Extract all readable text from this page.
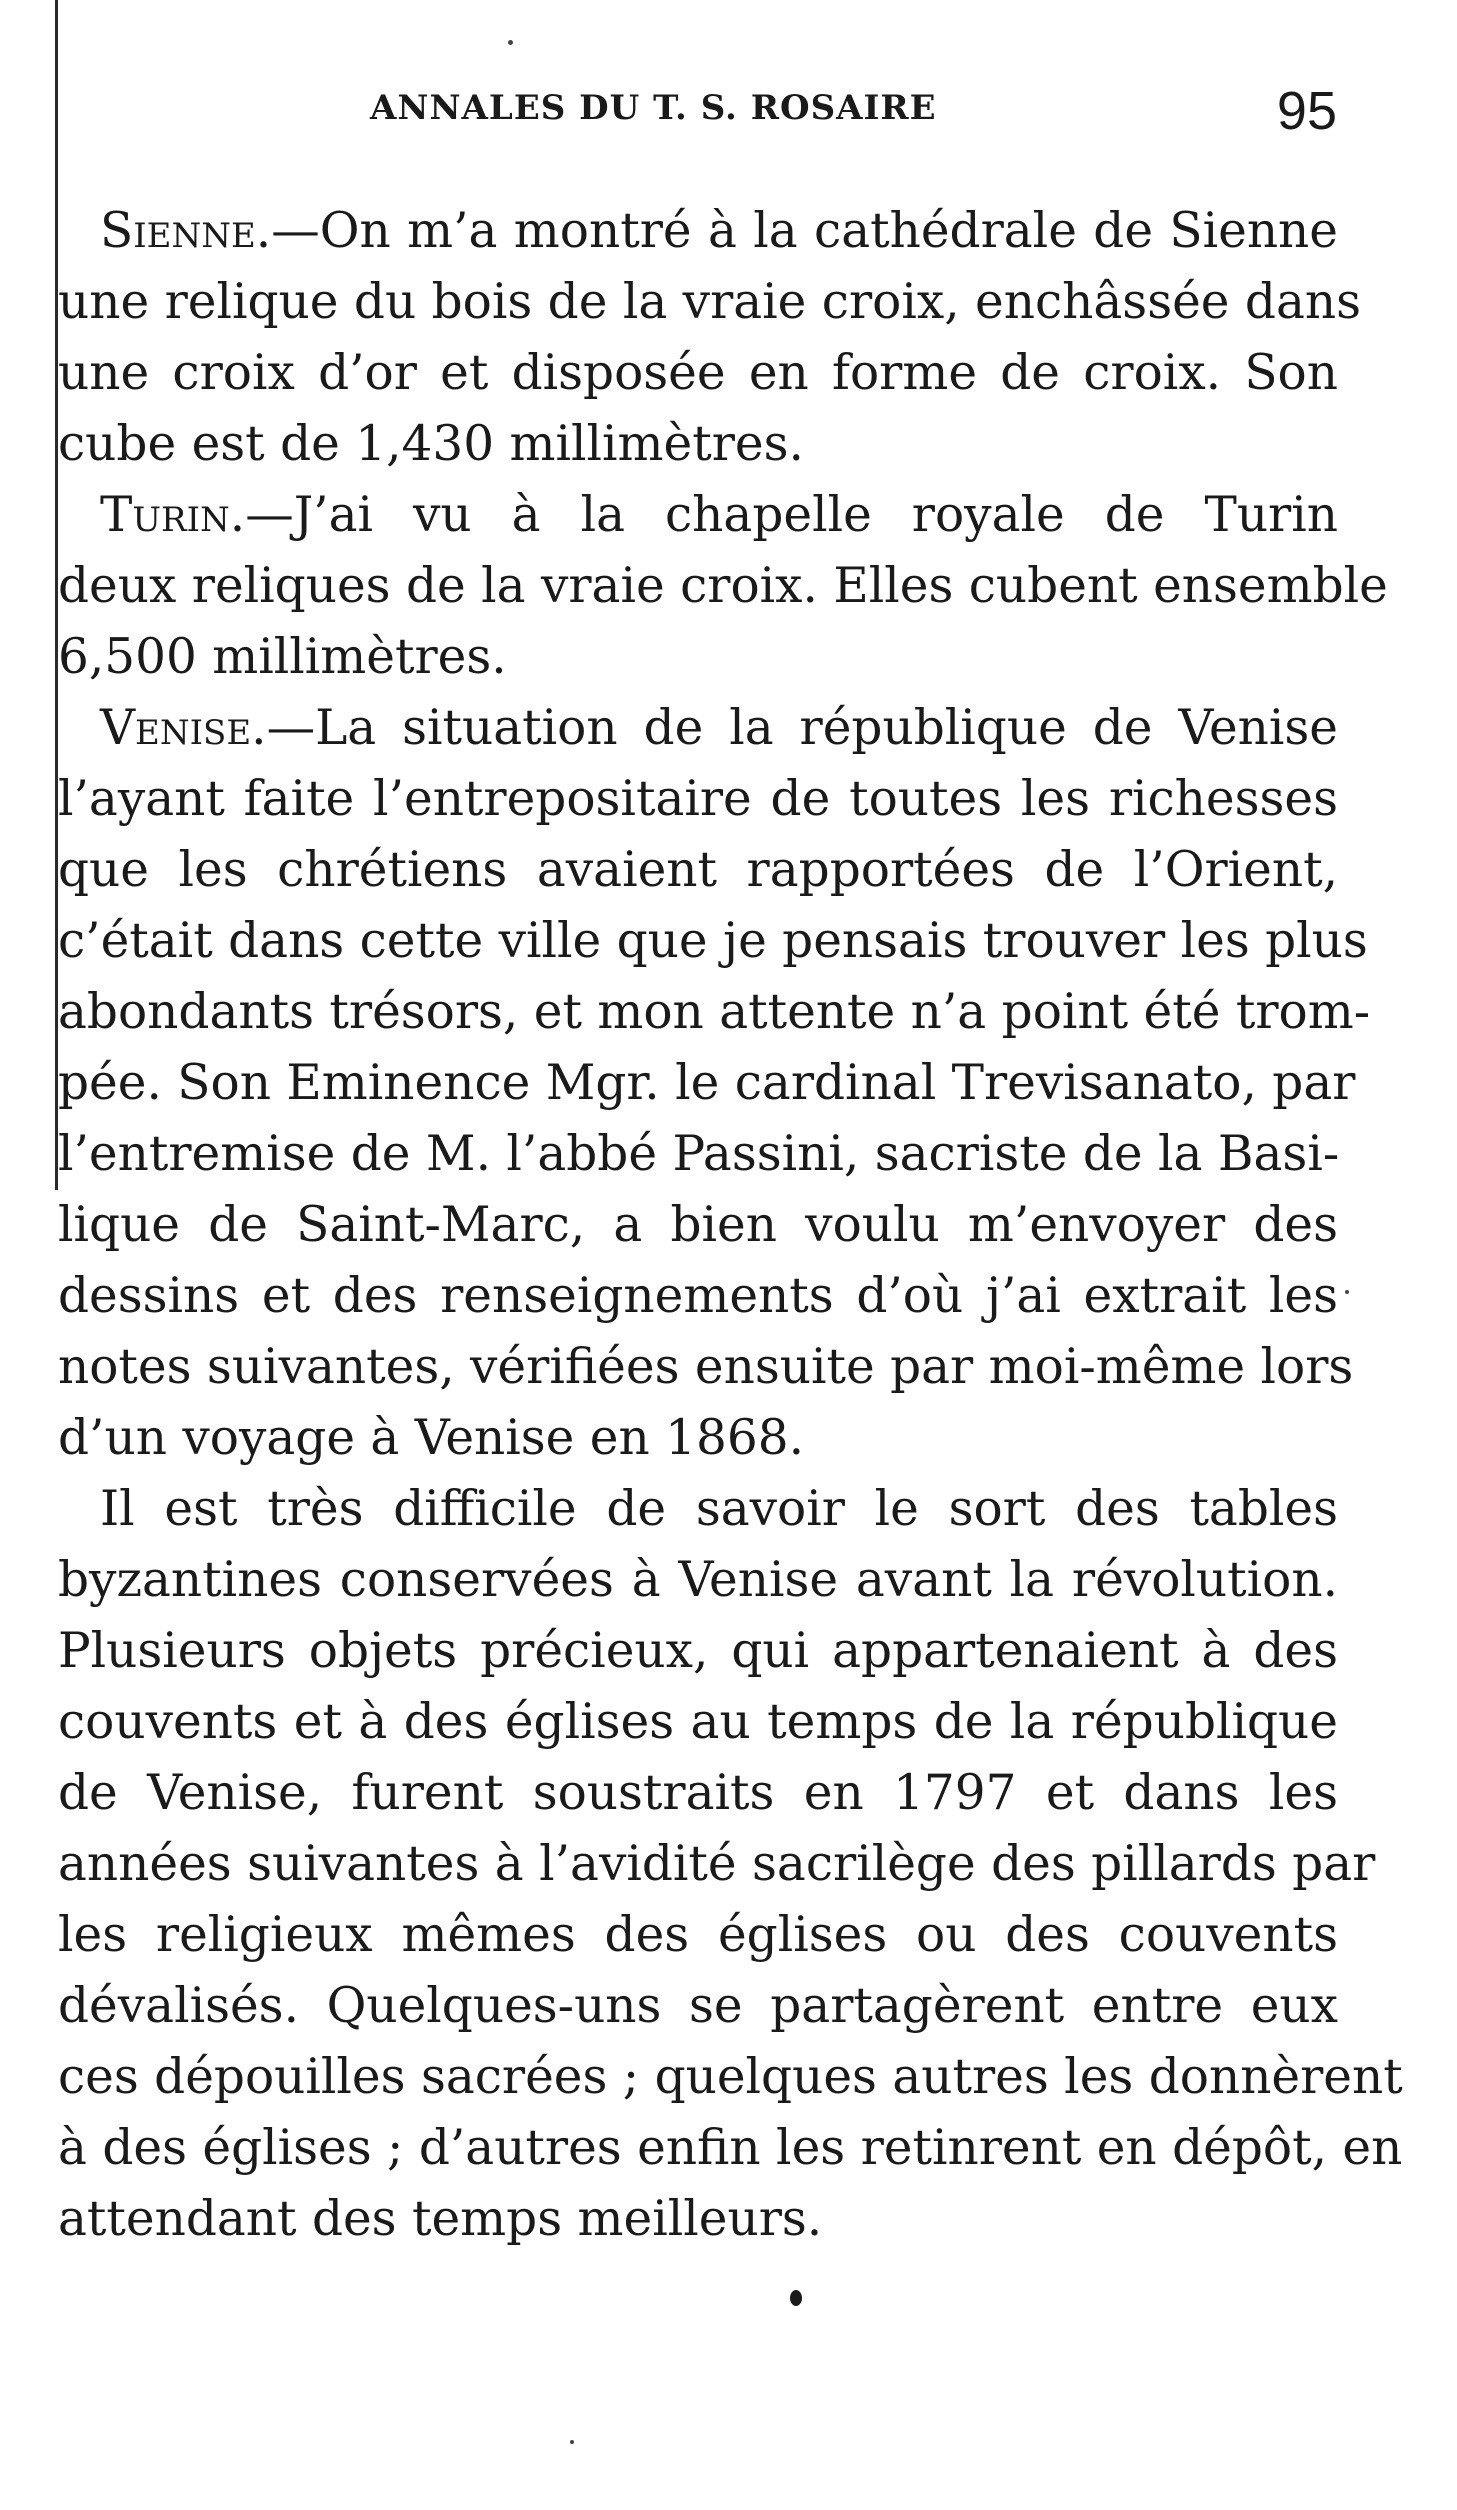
ANNALES DU T. S. ROSAIRE	95
Sienne.—On m’a montré à la cathédrale de Sienne
une relique du bois de la vraie croix, enchâssée dans
une croix d’or et disposée en forme de croix. Son
cube est de 1,430 millimètres.
Turin.—J’ai vu à la chapelle royale de Turin
deux reliques de la vraie croix. Elles cubent ensemble
6,500 millimètres.
Venise.—La situation de la république de Venise
l’ayant faite l’entrepositaire de toutes les richesses
que les chrétiens avaient rapportées de l’Orient,
c’était dans cette ville que je pensais trouver les plus
abondants trésors, et mon attente n’a point été trom-
pée. Son Eminence Mgr. le cardinal Trevisanato, par
l’entremise de M. l’abbé Passini, sacriste de la Basi-
lique de Saint-Marc, a bien voulu m’envoyer des
dessins et des renseignements d’où j’ai extrait les
notes suivantes, vérifiées ensuite par moi-même lors
d’un voyage à Venise en 1868.
Il est très difficile de savoir le sort des tables
byzantines conservées à Venise avant la révolution.
Plusieurs objets précieux, qui appartenaient à des
couvents et à des églises au temps de la république
de Venise, furent soustraits en 1797 et dans les
années suivantes à l’avidité sacrilège des pillards par
les religieux mêmes des églises ou des couvents
dévalisés. Quelques-uns se partagèrent entre eux
ces dépouilles sacrées ; quelques autres les donnèrent
à des églises ; d’autres enfin les retinrent en dépôt, en
attendant des temps meilleurs.
